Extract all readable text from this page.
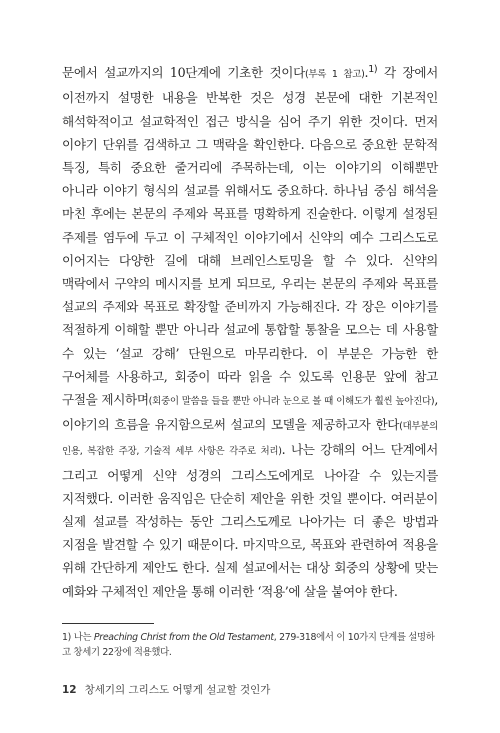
문에서 설교까지의 10단계에 기초한 것이다(부록 1 참고).$^{1)}$ 각 장에서 이전까지 설명한 내용을 반복한 것은 성경 본문에 대한 기본적인 해석학적이고 설교학적인 접근 방식을 심어 주기 위한 것이다. 먼저 이야기 단위를 검색하고 그 맥락을 확인한다. 다음으로 중요한 문학적 특징, 특히 중요한 줄거리에 주목하는데, 이는 이야기의 이해뿐만 아니라 이야기 형식의 설교를 위해서도 중요하다. 하나님 중심 해석을 마친 후에는 본문의 주제와 목표를 명확하게 진술한다. 이렇게 설정된 주제를 염두에 두고 이 구체적인 이야기에서 신약의 예수 그리스도로 이어지는 다양한 길에 대해 브레인스토밍을 할 수 있다. 신약의 맥락에서 구약의 메시지를 보게 되므로, 우리는 본문의 주제와 목표를 설교의 주제와 목표로 확장할 준비까지 가능해진다. 각 장은 이야기를 적절하게 이해할 뿐만 아니라 설교에 통합할 통찰을 모으는 데 사용할 수 있는 ‘설교 강해’ 단원으로 마무리한다. 이 부분은 가능한 한 구어체를 사용하고, 회중이 따라 읽을 수 있도록 인용문 앞에 참고 구절을 제시하며(회중이 말씀을 들을 뿐만 아니라 눈으로 볼 때 이해도가 훨씬 높아진다), 이야기의 흐름을 유지함으로써 설교의 모델을 제공하고자 한다(대부분의 인용, 복잡한 주장, 기술적 세부 사항은 각주로 처리). 나는 강해의 어느 단계에서 그리고 어떻게 신약 성경의 그리스도에게로 나아갈 수 있는지를 지적했다. 이러한 움직임은 단순히 제안을 위한 것일 뿐이다. 여러분이 실제 설교를 작성하는 동안 그리스도께로 나아가는 더 좋은 방법과 지점을 발견할 수 있기 때문이다. 마지막으로, 목표와 관련하여 적용을 위해 간단하게 제안도 한다. 실제 설교에서는 대상 회중의 상황에 맞는 예화와 구체적인 제안을 통해 이러한 ‘적용’에 살을 붙여야 한다.

1) 나는 Preaching Christ from the Old Testament, 279-318에서 이 10가지 단계를 설명하고 창세기 22장에 적용했다.
12 창세기의 그리스도 어떻게 설교할 것인가
